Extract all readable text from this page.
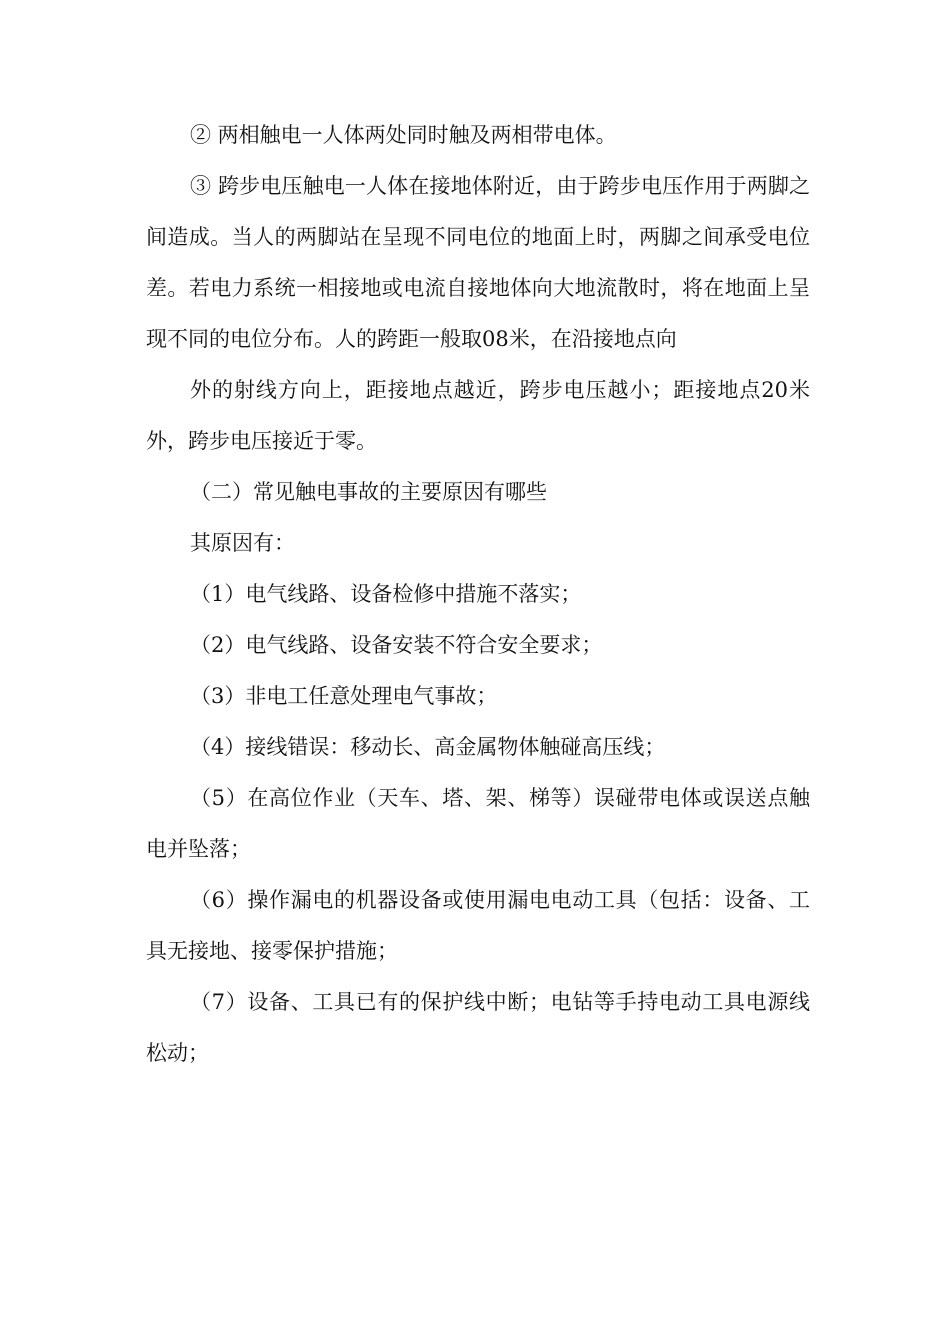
② 两相触电一人体两处同时触及两相带电体。

③ 跨步电压触电一人体在接地体附近，由于跨步电压作用于两脚之间造成。当人的两脚站在呈现不同电位的地面上时，两脚之间承受电位差。若电力系统一相接地或电流自接地体向大地流散时，将在地面上呈现不同的电位分布。人的跨距一般取08米，在沿接地点向

外的射线方向上，距接地点越近，跨步电压越小；距接地点20米外，跨步电压接近于零。

（二）常见触电事故的主要原因有哪些

其原因有：

（1）电气线路、设备检修中措施不落实；

（2）电气线路、设备安装不符合安全要求；

（3）非电工任意处理电气事故；

（4）接线错误：移动长、高金属物体触碰高压线；

（5）在高位作业（天车、塔、架、梯等）误碰带电体或误送点触电并坠落；

（6）操作漏电的机器设备或使用漏电电动工具（包括：设备、工具无接地、接零保护措施；

（7）设备、工具已有的保护线中断；电钻等手持电动工具电源线松动；
